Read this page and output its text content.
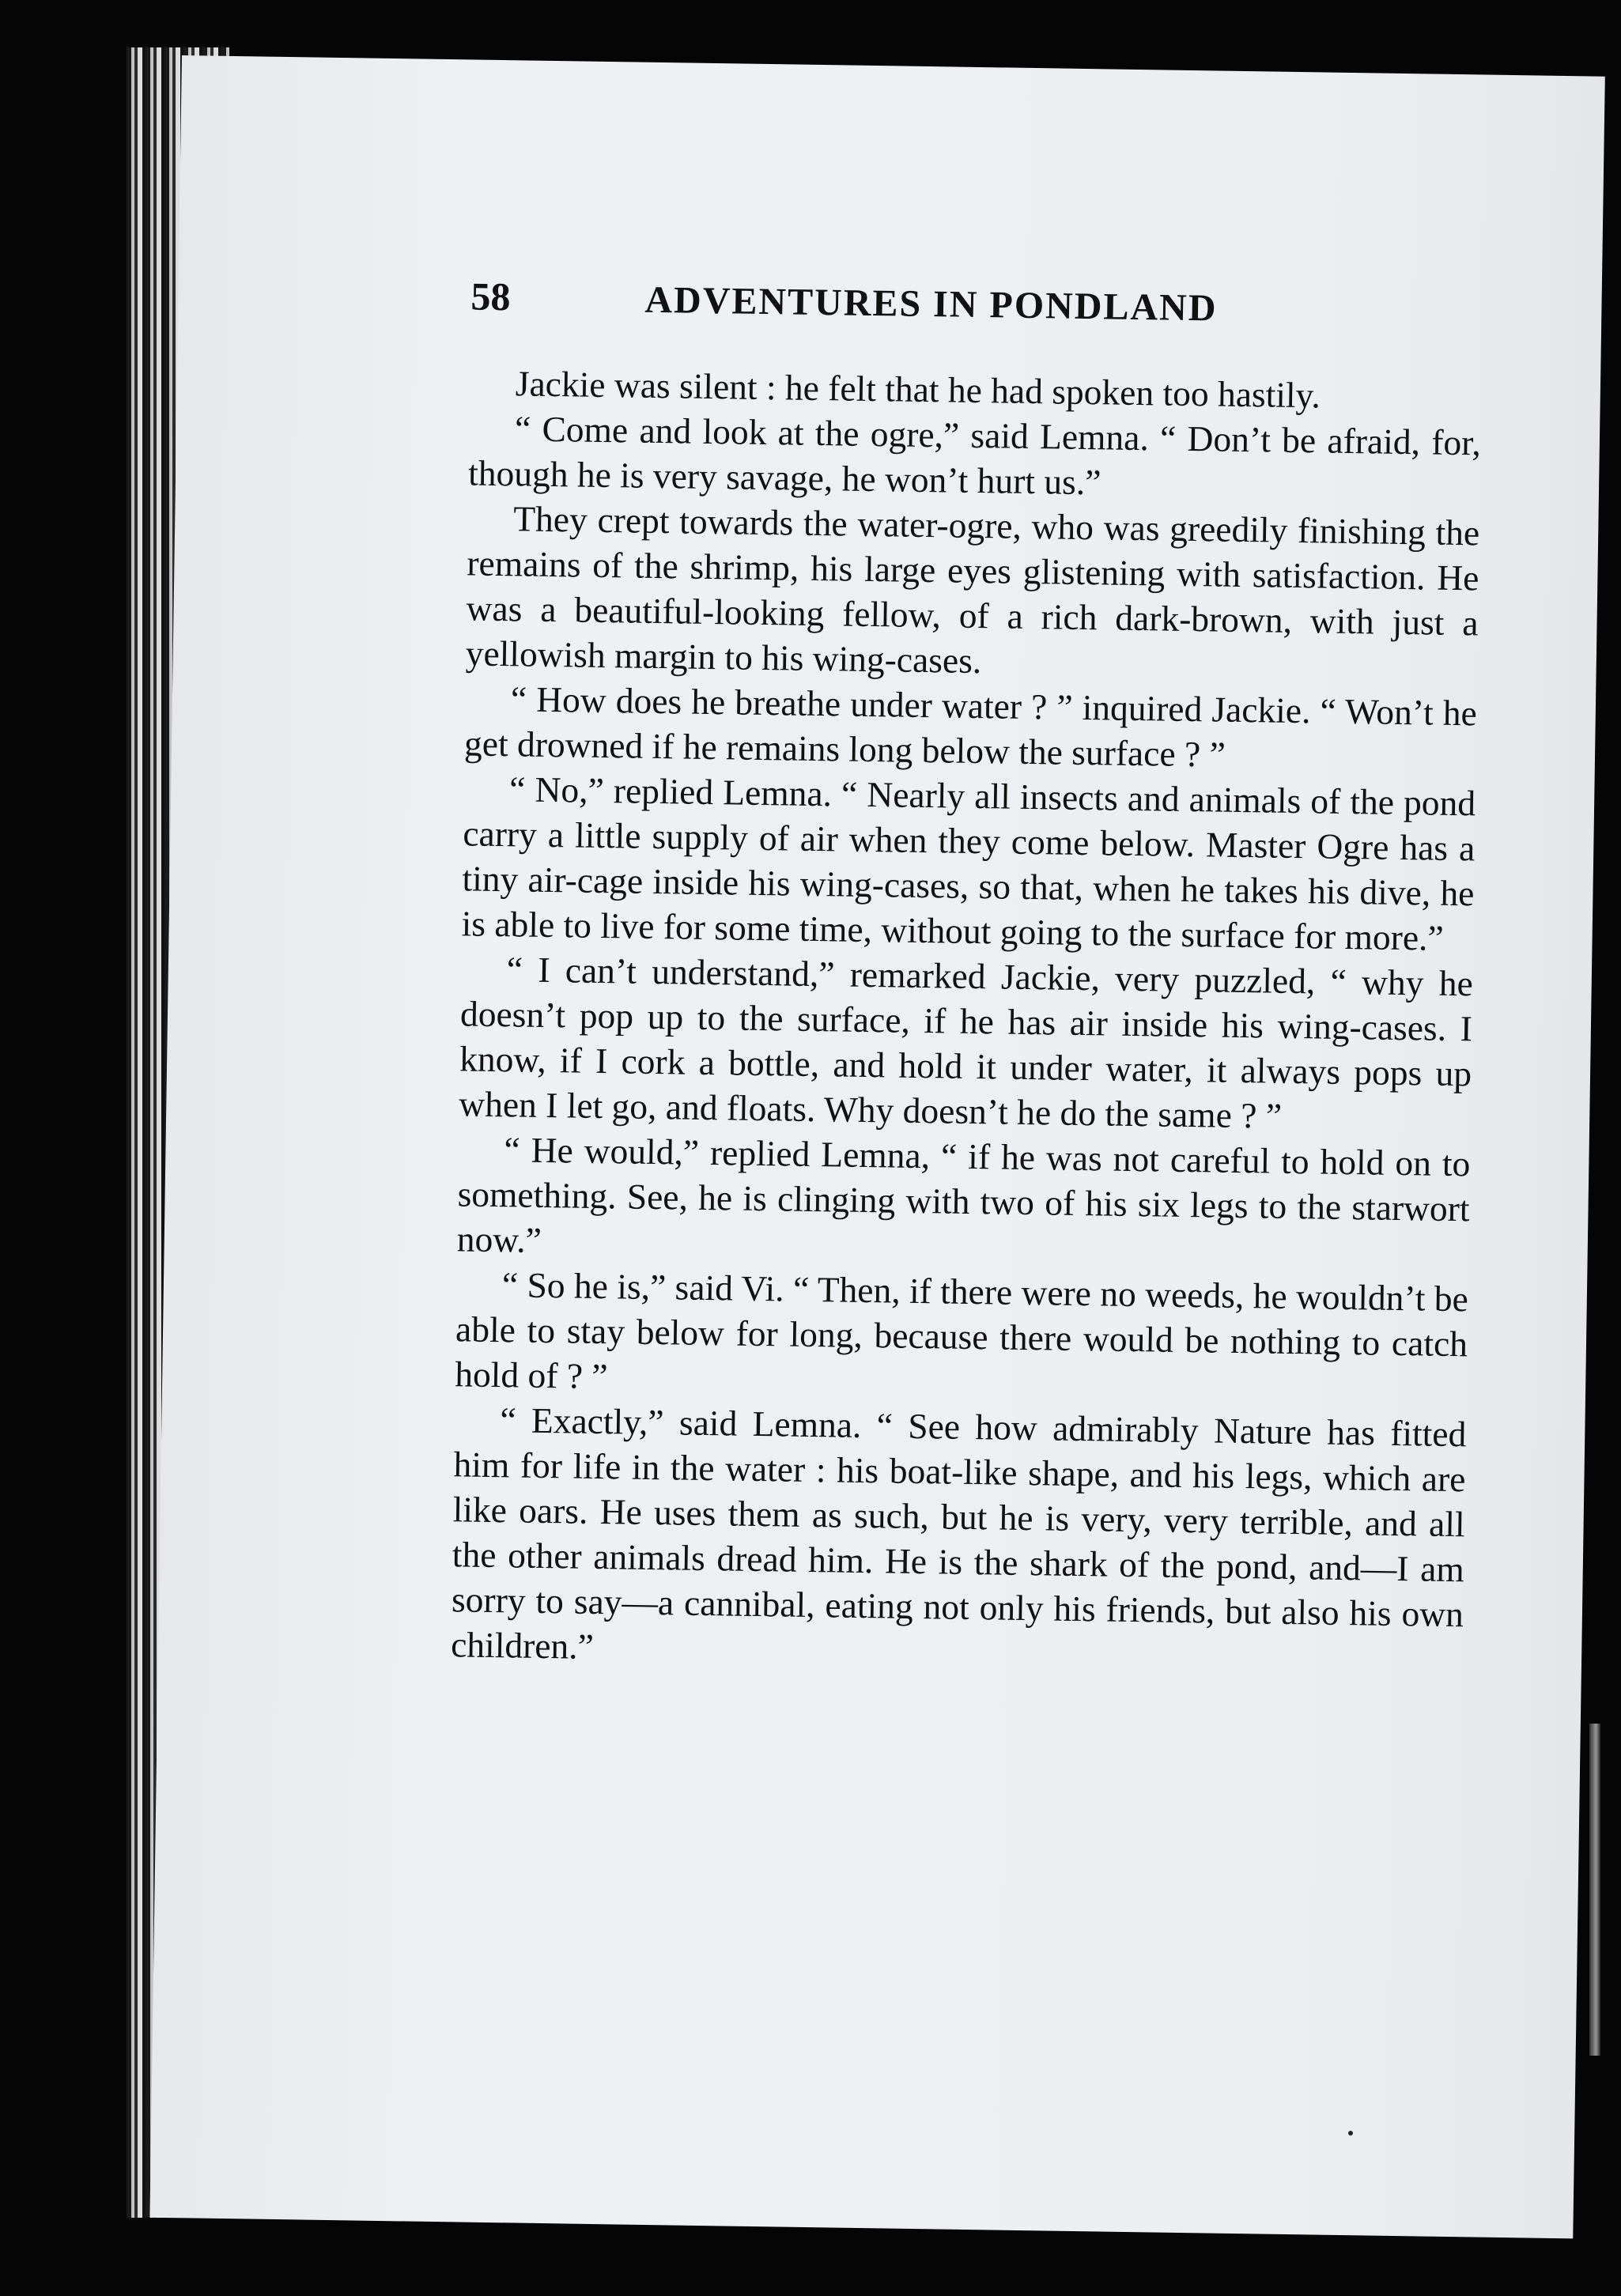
58	ADVENTURES IN PONDLAND

Jackie was silent : he felt that he had spoken too hastily.

“ Come and look at the ogre,” said Lemna. “ Don’t be afraid, for, though he is very savage, he won’t hurt us.”

They crept towards the water-ogre, who was greedily finishing the remains of the shrimp, his large eyes glistening with satisfaction. He was a beautiful-looking fellow, of a rich dark-brown, with just a yellowish margin to his wing-cases.

“ How does he breathe under water ? ” inquired Jackie. “ Won’t he get drowned if he remains long below the surface ? ”

“ No,” replied Lemna. “ Nearly all insects and animals of the pond carry a little supply of air when they come below. Master Ogre has a tiny air-cage inside his wing-cases, so that, when he takes his dive, he is able to live for some time, without going to the surface for more.”

“ I can’t understand,” remarked Jackie, very puzzled, “ why he doesn’t pop up to the surface, if he has air inside his wing-cases. I know, if I cork a bottle, and hold it under water, it always pops up when I let go, and floats. Why doesn’t he do the same ? ”

“ He would,” replied Lemna, “ if he was not careful to hold on to something. See, he is clinging with two of his six legs to the starwort now.”

“ So he is,” said Vi. “ Then, if there were no weeds, he wouldn’t be able to stay below for long, because there would be nothing to catch hold of ? ”

“ Exactly,” said Lemna. “ See how admirably Nature has fitted him for life in the water : his boat-like shape, and his legs, which are like oars. He uses them as such, but he is very, very terrible, and all the other animals dread him. He is the shark of the pond, and—I am sorry to say—a cannibal, eating not only his friends, but also his own children.”
